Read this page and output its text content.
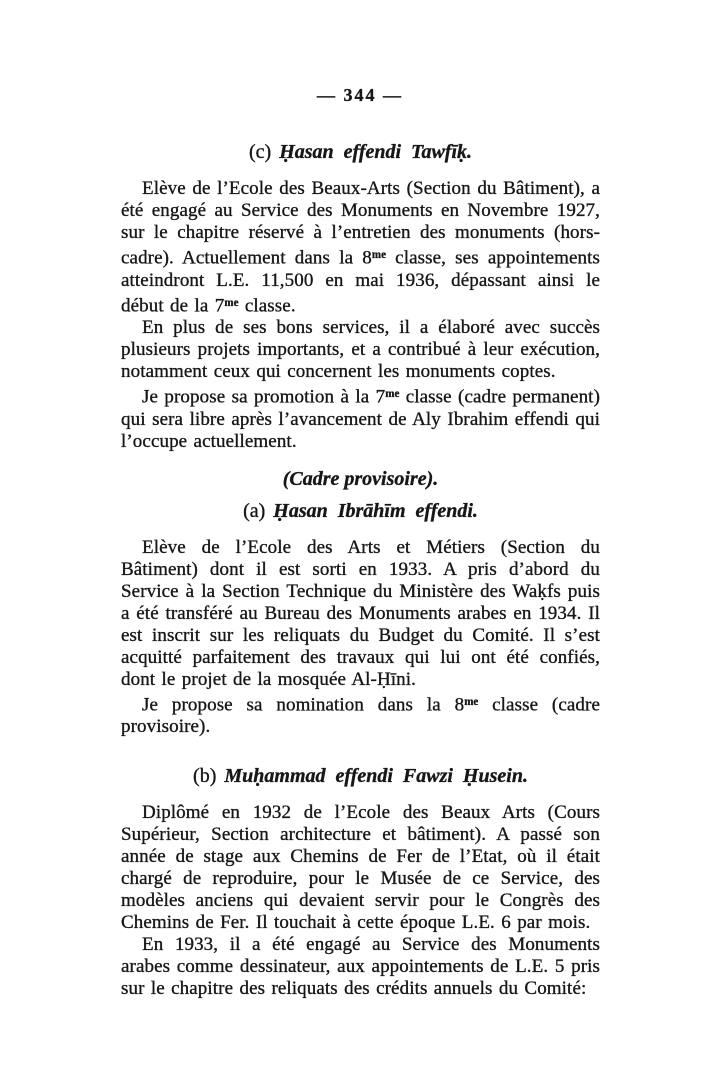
— 344 —
(c) Ḥasan effendi Tawfīḳ.

Elève de l’Ecole des Beaux-Arts (Section du Bâtiment), a été engagé au Service des Monuments en Novembre 1927, sur le chapitre réservé à l’entretien des monuments (hors-cadre). Actuellement dans la $8^{me}$ classe, ses appointements atteindront L.E. 11,500 en mai 1936, dépassant ainsi le début de la $7^{me}$ classe.

En plus de ses bons services, il a élaboré avec succès plusieurs projets importants, et a contribué à leur exécution, notamment ceux qui concernent les monuments coptes.

Je propose sa promotion à la $7^{me}$ classe (cadre permanent) qui sera libre après l’avancement de Aly Ibrahim effendi qui l’occupe actuellement.

(Cadre provisoire).
(a) Ḥasan Ibrāhīm effendi.

Elève de l’Ecole des Arts et Métiers (Section du Bâtiment) dont il est sorti en 1933. A pris d’abord du Service à la Section Technique du Ministère des Waḳfs puis a été transféré au Bureau des Monuments arabes en 1934. Il est inscrit sur les reliquats du Budget du Comité. Il s’est acquitté parfaitement des travaux qui lui ont été confiés, dont le projet de la mosquée Al-Ḥīni.

Je propose sa nomination dans la $8^{me}$ classe (cadre provisoire).

(b) Muḥammad effendi Fawzi Ḥusein.

Diplômé en 1932 de l’Ecole des Beaux Arts (Cours Supérieur, Section architecture et bâtiment). A passé son année de stage aux Chemins de Fer de l’Etat, où il était chargé de reproduire, pour le Musée de ce Service, des modèles anciens qui devaient servir pour le Congrès des Chemins de Fer. Il touchait à cette époque L.E. 6 par mois.

En 1933, il a été engagé au Service des Monuments arabes comme dessinateur, aux appointements de L.E. 5 pris sur le chapitre des reliquats des crédits annuels du Comité:
